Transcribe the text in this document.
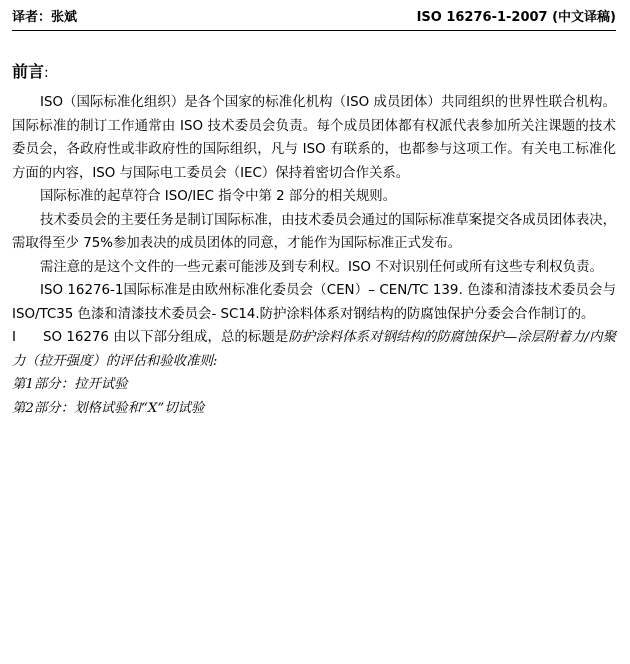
译者：张斌	ISO 16276-1-2007 (中文译稿)
前言:

ISO（国际标准化组织）是各个国家的标准化机构（ISO 成员团体）共同组织的世界性联合机构。国际标准的制订工作通常由 ISO 技术委员会负责。每个成员团体都有权派代表参加所关注课题的技术委员会，各政府性或非政府性的国际组织，凡与 ISO 有联系的，也都参与这项工作。有关电工标准化方面的内容，ISO 与国际电工委员会（IEC）保持着密切合作关系。

国际标准的起草符合 ISO/IEC 指令中第 2 部分的相关规则。

技术委员会的主要任务是制订国际标准，由技术委员会通过的国际标准草案提交各成员团体表决，需取得至少 75%参加表决的成员团体的同意，才能作为国际标准正式发布。

需注意的是这个文件的一些元素可能涉及到专利权。ISO 不对识别任何或所有这些专利权负责。

ISO 16276-1国际标准是由欧州标准化委员会（CEN）– CEN/TC 139. 色漆和清漆技术委员会与ISO/TC35 色漆和清漆技术委员会- SC14.防护涂料体系对钢结构的防腐蚀保护分委会合作制订的。

I　　SO 16276 由以下部分组成，总的标题是防护涂料体系对钢结构的防腐蚀保护—涂层附着力/内聚力（拉开强度）的评估和验收准则:

第1部分：拉开试验

第2部分：划格试验和“X”切试验
